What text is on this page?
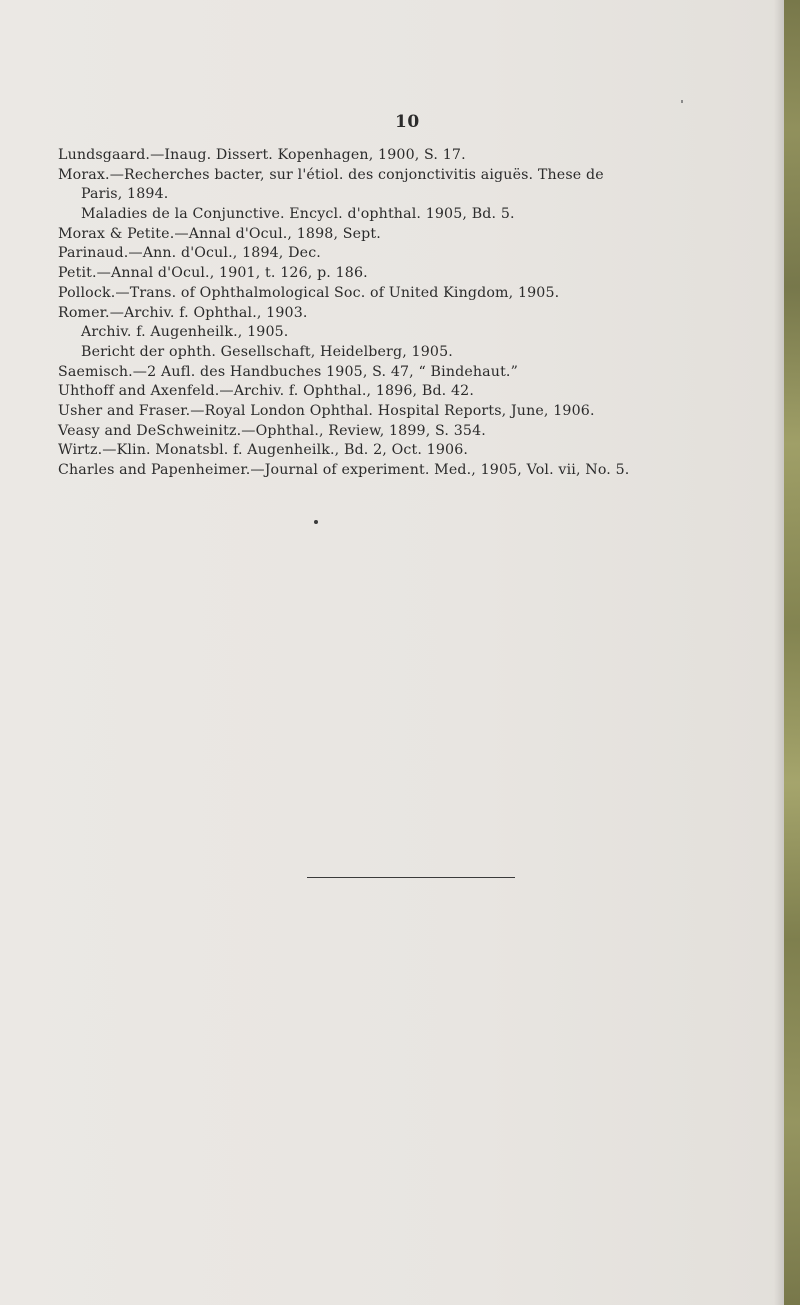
10
Lundsgaard.—Inaug. Dissert. Kopenhagen, 1900, S. 17.
Morax.—Recherches bacter, sur l'étiol. des conjonctivitis aiguës. These de
Paris, 1894.
Maladies de la Conjunctive. Encycl. d'ophthal. 1905, Bd. 5.
Morax & Petite.—Annal d'Ocul., 1898, Sept.
Parinaud.—Ann. d'Ocul., 1894, Dec.
Petit.—Annal d'Ocul., 1901, t. 126, p. 186.
Pollock.—Trans. of Ophthalmological Soc. of United Kingdom, 1905.
Romer.—Archiv. f. Ophthal., 1903.
Archiv. f. Augenheilk., 1905.
Bericht der ophth. Gesellschaft, Heidelberg, 1905.
Saemisch.—2 Aufl. des Handbuches 1905, S. 47, “ Bindehaut.”
Uhthoff and Axenfeld.—Archiv. f. Ophthal., 1896, Bd. 42.
Usher and Fraser.—Royal London Ophthal. Hospital Reports, June, 1906.
Veasy and DeSchweinitz.—Ophthal., Review, 1899, S. 354.
Wirtz.—Klin. Monatsbl. f. Augenheilk., Bd. 2, Oct. 1906.
Charles and Papenheimer.—Journal of experiment. Med., 1905, Vol. vii, No. 5.
